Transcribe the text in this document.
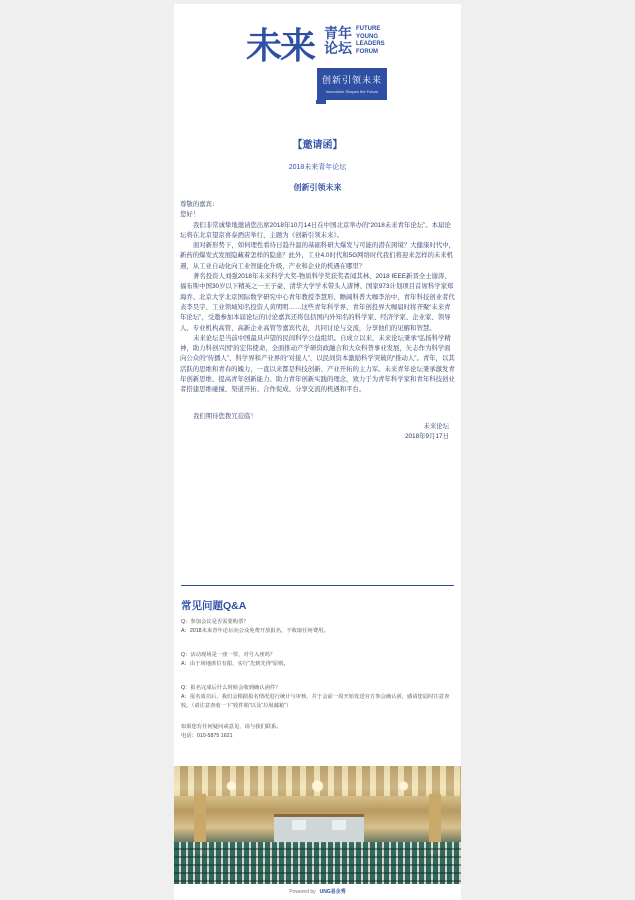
未来 青年论坛
FUTURE
YOUNG
LEADERS
FORUM
创新引领未来
Innovation Shapes the Future
【邀请函】
2018未来青年论坛
创新引领未来

尊敬的嘉宾：

您好！

我们非常诚挚地邀请您出席2018年10月14日在中国北京举办的“2018未来青年论坛”。本届论坛将在北京望京喜泰酒店举行，主题为《创新引领未来》。

面对新形势下，如何理性看待日趋升温的基础科研大爆发与可能的潜在困境？大健康时代中，新药的爆发式发展隐藏着怎样的隐患？此外，工业4.0时代和5G网络时代我们将迎来怎样的未来机遇，从工业自动化向工业智能化升级，产业和企业的机遇在哪里？

著名投资人刘强2018年未来科学大奖-物质科学奖获奖者闻其林、2018 IEEE新晋全士谢涛、福布斯中国30岁以下精英之一王子豪、清华大学学术带头人唐博、国家973计划项目首席科学家郑海乔、北京大学北京国际数学研究中心青年教授李慧形、瞻阔科普大咖李治中、青年科技创业者代表李昊宇、工业领域知名投资人黄明明……这些青年科学界、青年创投界大咖届时将齐聚“未来青年论坛”，受邀参加本届论坛的讨论嘉宾还将包括国内外知名的科学家、经济学家、企业家、领导人、专业机构高管、高新企业高管等嘉宾代表，共同讨论与交流，分享他们的见解和智慧。

未来论坛是当前中国最具声望的民间科学公益组织。自成立以来，未来论坛秉承“弘扬科学精神，助力科创兴国”的宏伟使命，全面推动产学研资政融合和大众科普事业发展，矢志作为科学面向公众的“传播人”、科学界和产业界的“对接人”，以民间资本激励科学突破的“推动人”。青年，以其活跃的思维和青春的魄力，一直以来都是科技创新、产业开拓的主力军。未来青年论坛秉承激发青年创新思维、提高青年创新能力、助力青年创新实践的理念，致力于为青年科学家和青年科技创业者搭建思维碰撞、渠道开拓、合作促成、分享交流的机遇和平台。

我们期待您拨冗莅临！

未来论坛

2018年9月17日

常见问题Q&A

Q：参加会议是否需要购票？

A：2018未来青年论坛向公众免费开放报名，不收取任何费用。

Q：活动现场是一座一票，对号入座吗？

A：由于场地席位有限，实行“先到先得”原则。

Q：报名完成后什么时候会收到确认函件？

A：报名成功后，我们会根据报名情况进行统计与审核，并于会前一周开始发送官方参会确认函，感请您届时注意查收。（请注意查收一下“收件箱”以及“垃圾邮箱”）

如果您有任何疑问或意见，请与我们联系。

电话：010-5875 1621

Powered by UNG易企秀
